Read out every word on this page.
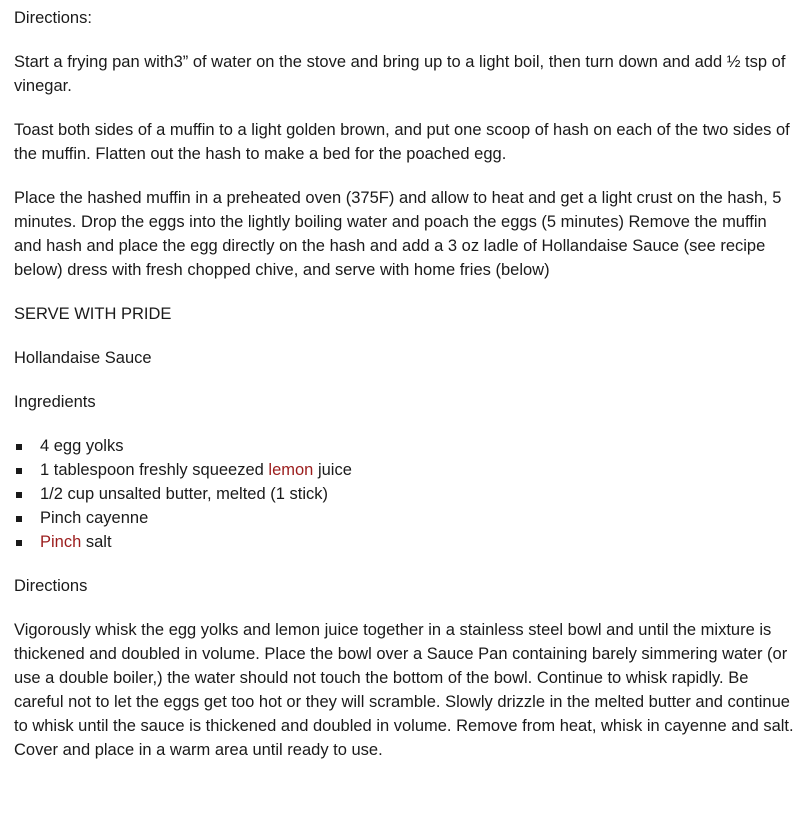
Directions:

Start a frying pan with3” of water on the stove and bring up to a light boil, then turn down and add ½ tsp of vinegar.

Toast both sides of a muffin to a light golden brown, and put one scoop of hash on each of the two sides of the muffin. Flatten out the hash to make a bed for the poached egg.

Place the hashed muffin in a preheated oven (375F) and allow to heat and get a light crust on the hash, 5 minutes. Drop the eggs into the lightly boiling water and poach the eggs (5 minutes) Remove the muffin and hash and place the egg directly on the hash and add a 3 oz ladle of Hollandaise Sauce (see recipe below) dress with fresh chopped chive, and serve with home fries (below)

SERVE WITH PRIDE

Hollandaise Sauce

Ingredients

4 egg yolks
1 tablespoon freshly squeezed lemon juice
1/2 cup unsalted butter, melted (1 stick)
Pinch cayenne
Pinch salt

Directions

Vigorously whisk the egg yolks and lemon juice together in a stainless steel bowl and until the mixture is thickened and doubled in volume. Place the bowl over a Sauce Pan containing barely simmering water (or use a double boiler,) the water should not touch the bottom of the bowl. Continue to whisk rapidly. Be careful not to let the eggs get too hot or they will scramble. Slowly drizzle in the melted butter and continue to whisk until the sauce is thickened and doubled in volume. Remove from heat, whisk in cayenne and salt. Cover and place in a warm area until ready to use.
